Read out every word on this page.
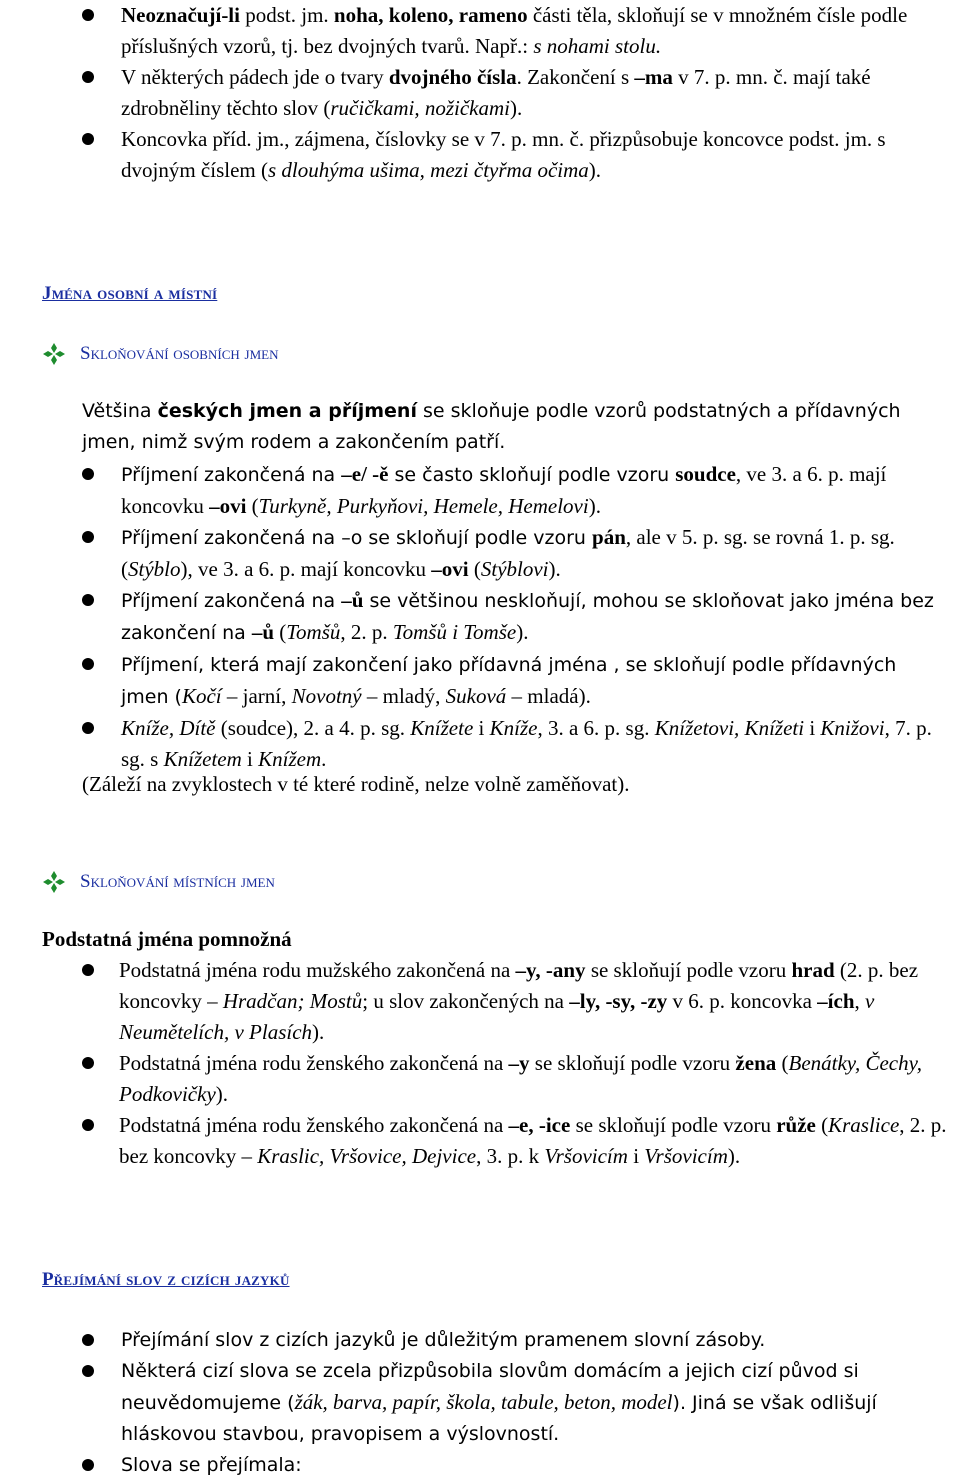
Neoznačují-li podst. jm. noha, koleno, rameno části těla, skloňují se v množném čísle podle příslušných vzorů, tj. bez dvojných tvarů. Např.: s nohami stolu.
V některých pádech jde o tvary dvojného čísla. Zakončení s –ma v 7. p. mn. č. mají také zdrobněliny těchto slov (ručičkami, nožičkami).
Koncovka příd. jm., zájmena, číslovky se v 7. p. mn. č. přizpůsobuje koncovce podst. jm. s dvojným číslem (s dlouhýma ušima, mezi čtyřma očima).
Jména osobní a místní
Skloňování osobních jmen
Většina českých jmen a příjmení se skloňuje podle vzorů podstatných a přídavných jmen, nimž svým rodem a zakončením patří.
Příjmení zakončená na –e/ -ě se často skloňují podle vzoru soudce, ve 3. a 6. p. mají koncovku –ovi (Turkyně, Purkyňovi, Hemele, Hemelovi).
Příjmení zakončená na –o se skloňují podle vzoru pán, ale v 5. p. sg. se rovná 1. p. sg. (Stýblo), ve 3. a 6. p. mají koncovku –ovi (Stýblovi).
Příjmení zakončená na –ů se většinou neskloňují, mohou se skloňovat jako jména bez zakončení na –ů (Tomšů, 2. p. Tomšů i Tomše).
Příjmení, která mají zakončení jako přídavná jména , se skloňují podle přídavných jmen (Kočí – jarní, Novotný – mladý, Suková – mladá).
Kníže, Dítě (soudce), 2. a 4. p. sg. Knížete i Kníže, 3. a 6. p. sg. Knížetovi, Knížeti i Knižovi, 7. p. sg. s Knížetem i Knížem.
(Záleží na zvyklostech v té které rodině, nelze volně zaměňovat).
Skloňování místních jmen
Podstatná jména pomnožná
Podstatná jména rodu mužského zakončená na –y, -any se skloňují podle vzoru hrad (2. p. bez koncovky – Hradčan; Mostů; u slov zakončených na –ly, -sy, -zy v 6. p. koncovka –ích, v Neumětelích, v Plasích).
Podstatná jména rodu ženského zakončená na –y se skloňují podle vzoru žena (Benátky, Čechy, Podkovičky).
Podstatná jména rodu ženského zakončená na –e, -ice se skloňují podle vzoru růže (Kraslice, 2. p. bez koncovky – Kraslic, Vršovice, Dejvice, 3. p. k Vršovicím i Vršovicím).
Přejímání slov z cizích jazyků
Přejímání slov z cizích jazyků je důležitým pramenem slovní zásoby.
Některá cizí slova se zcela přizpůsobila slovům domácím a jejich cizí původ si neuvědomujeme (žák, barva, papír, škola, tabule, beton, model). Jiná se však odlišují hláskovou stavbou, pravopisem a výslovností.
Slova se přejímala:
